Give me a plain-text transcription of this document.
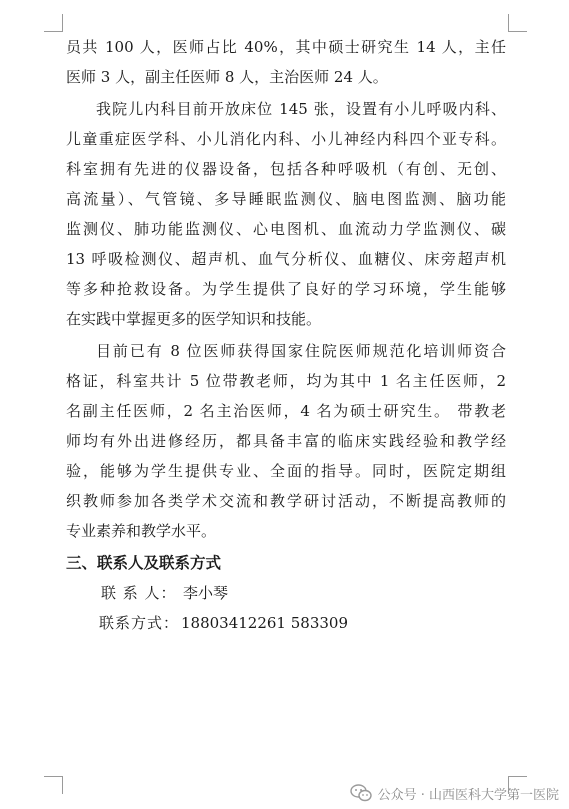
员共 100 人，医师占比 40%，其中硕士研究生 14 人，主任
医师 3 人，副主任医师 8 人，主治医师 24 人。
我院儿内科目前开放床位 145 张，设置有小儿呼吸内科、
儿童重症医学科、小儿消化内科、小儿神经内科四个亚专科。
科室拥有先进的仪器设备，包括各种呼吸机（有创、无创、
高流量）、气管镜、多导睡眠监测仪、脑电图监测、脑功能
监测仪、肺功能监测仪、心电图机、血流动力学监测仪、碳
13 呼吸检测仪、超声机、血气分析仪、血糖仪、床旁超声机
等多种抢救设备。为学生提供了良好的学习环境，学生能够
在实践中掌握更多的医学知识和技能。
目前已有 8 位医师获得国家住院医师规范化培训师资合
格证，科室共计 5 位带教老师，均为其中 1 名主任医师，2
名副主任医师，2 名主治医师，4 名为硕士研究生。 带教老
师均有外出进修经历，都具备丰富的临床实践经验和教学经
验，能够为学生提供专业、全面的指导。同时，医院定期组
织教师参加各类学术交流和教学研讨活动，不断提高教师的
专业素养和教学水平。
三、联系人及联系方式
联 系 人： 李小琴
联系方式： 18803412261 583309
公众号 · 山西医科大学第一医院
